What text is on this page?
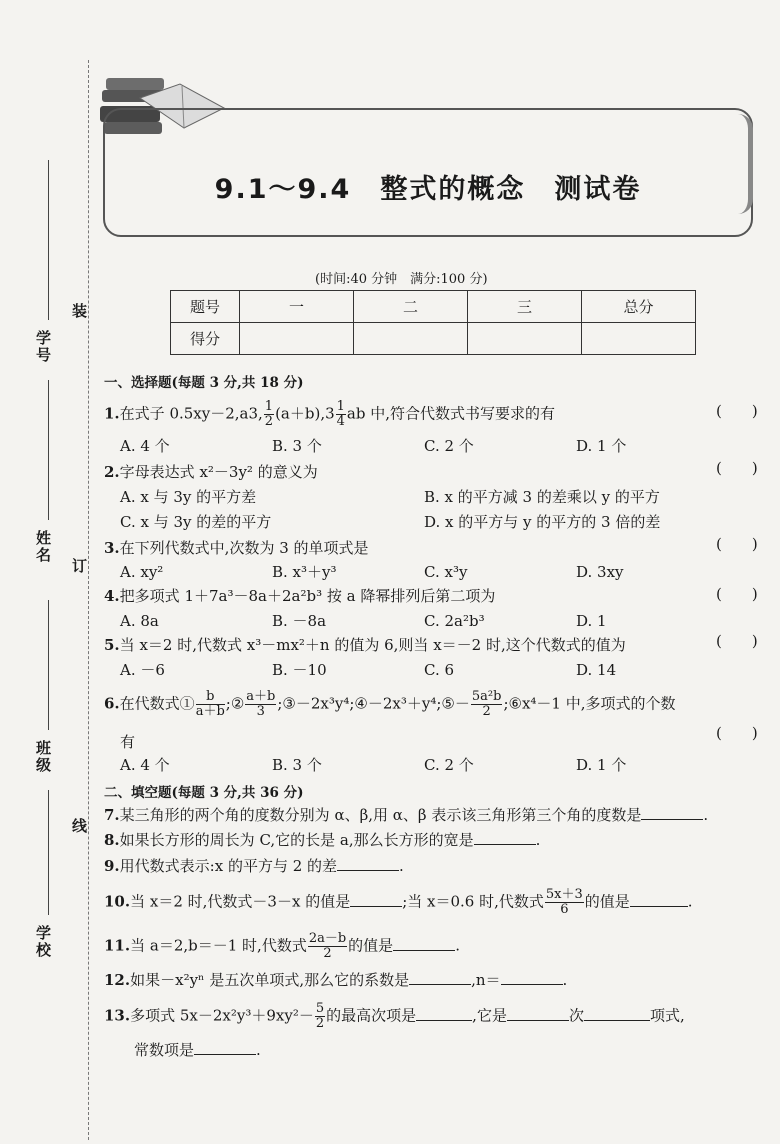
学号
姓名
班级
学校
装
订
线
9.1～9.4　整式的概念　测试卷
(时间:40 分钟　满分:100 分)
题号	一	二	三	总分
得分				
一、选择题(每题 3 分,共 18 分)
1.在式子 0.5xy－2,a3, $\frac{1}{2} (a+b),3 \frac{1}{4}$ ab 中,符合代数式书写要求的有	(　　)
A. 4 个	B. 3 个	C. 2 个	D. 1 个
2.字母表达式 x²－3y² 的意义为	(　　)
A. x 与 3y 的平方差	B. x 的平方减 3 的差乘以 y 的平方
C. x 与 3y 的差的平方	D. x 的平方与 y 的平方的 3 倍的差
3.在下列代数式中,次数为 3 的单项式是	(　　)
A. xy²	B. x³＋y³	C. x³y	D. 3xy
4.把多项式 1＋7a³－8a＋2a²b³ 按 a 降幂排列后第二项为	(　　)
A. 8a	B. －8a	C. 2a²b³	D. 1
5.当 x＝2 时,代数式 x³－mx²＋n 的值为 6,则当 x＝－2 时,这个代数式的值为	(　　)
A. －6	B. －10	C. 6	D. 14
6.在代数式① $\frac{b}{a+b}$ ;② $\frac{a+b}{3}$ ;③－2x³y⁴;④－2x³＋y⁴;⑤－ $\frac{\text{5a²b}}{2}$ ;⑥x⁴－1 中,多项式的个数
有	(　　)
A. 4 个	B. 3 个	C. 2 个	D. 1 个
二、填空题(每题 3 分,共 36 分)
7.某三角形的两个角的度数分别为 α、β,用 α、β 表示该三角形第三个角的度数是	.
8.如果长方形的周长为 C,它的长是 a,那么长方形的宽是	.
9.用代数式表示:x 的平方与 2 的差	.
10.当 x＝2 时,代数式－3－x 的值是	;当 x＝0.6 时,代数式 $\frac{5x+3}{6}$ 的值是	.
11.当 a＝2,b＝－1 时,代数式 $\frac{2a-b}{2}$ 的值是	.
12.如果－x²yⁿ 是五次单项式,那么它的系数是	,n＝	.
13.多项式 $5x-2x^2y^3+9xy^2- \frac{5}{2}$ 的最高次项是	,它是	次	项式,
常数项是	.
